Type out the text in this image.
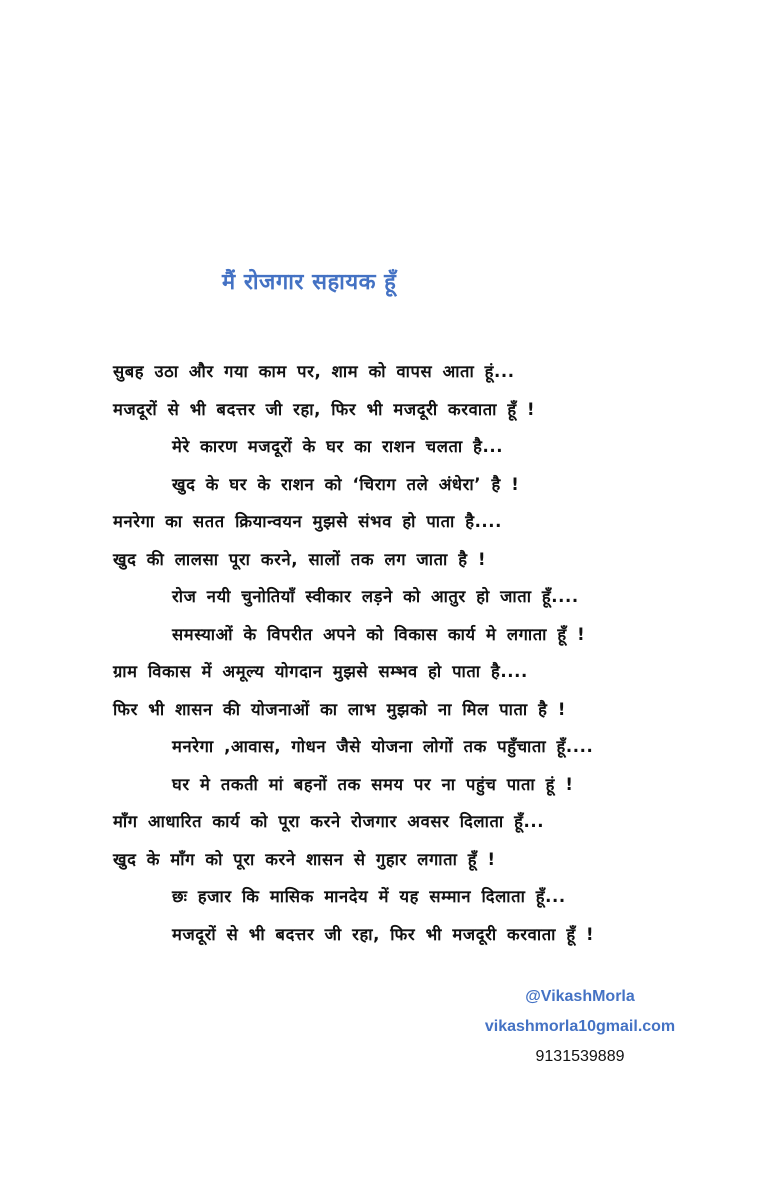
मैं रोजगार सहायक हूँ
सुबह उठा और गया काम पर, शाम को वापस आता हूं...
मजदूरों से भी बदत्तर जी रहा, फिर भी मजदूरी करवाता हूँ !
मेरे कारण मजदूरों के घर का राशन चलता है...
खुद के घर के राशन को ‘चिराग तले अंधेरा’ है !
मनरेगा का सतत क्रियान्वयन मुझसे संभव हो पाता है....
खुद की लालसा पूरा करने, सालों तक लग जाता है !
रोज नयी चुनोतियाँ स्वीकार लड़ने को आतुर हो जाता हूँ....
समस्याओं के विपरीत अपने को विकास कार्य मे लगाता हूँ !
ग्राम विकास में अमूल्य योगदान मुझसे सम्भव हो पाता है....
फिर भी शासन की योजनाओं का लाभ मुझको ना मिल पाता है !
मनरेगा ,आवास, गोधन जैसे योजना लोगों तक पहुँचाता हूँ....
घर मे तकती मां बहनों तक समय पर ना पहुंच पाता हूं !
माँग आधारित कार्य को पूरा करने रोजगार अवसर दिलाता हूँ...
खुद के माँग को पूरा करने शासन से गुहार लगाता हूँ !
छः हजार कि मासिक मानदेय में यह सम्मान दिलाता हूँ...
मजदूरों से भी बदत्तर जी रहा, फिर भी मजदूरी करवाता हूँ !
@VikashMorla
vikashmorla10gmail.com
9131539889
